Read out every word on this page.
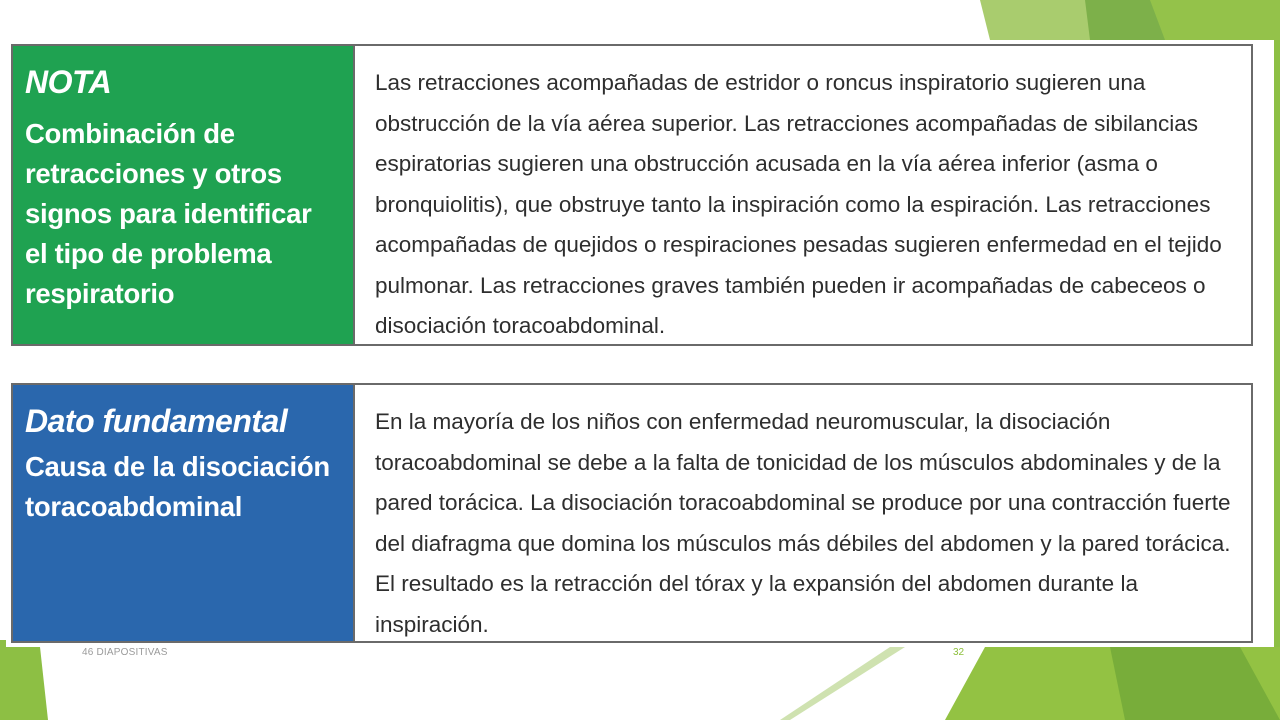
NOTA
Combinación de retracciones y otros signos para identificar el tipo de problema respiratorio
Las retracciones acompañadas de estridor o roncus inspiratorio sugieren una obstrucción de la vía aérea superior. Las retracciones acompañadas de sibilancias espiratorias sugieren una obstrucción acusada en la vía aérea inferior (asma o bronquiolitis), que obstruye tanto la inspiración como la espiración. Las retracciones acompañadas de quejidos o respiraciones pesadas sugieren enfermedad en el tejido pulmonar. Las retracciones graves también pueden ir acompañadas de cabeceos o disociación toracoabdominal.
Dato fundamental
Causa de la disociación toracoabdominal
En la mayoría de los niños con enfermedad neuromuscular, la disociación toracoabdominal se debe a la falta de tonicidad de los músculos abdominales y de la pared torácica. La disociación toracoabdominal se produce por una contracción fuerte del diafragma que domina los músculos más débiles del abdomen y la pared torácica. El resultado es la retracción del tórax y la expansión del abdomen durante la inspiración.
46 DIAPOSITIVAS	32
